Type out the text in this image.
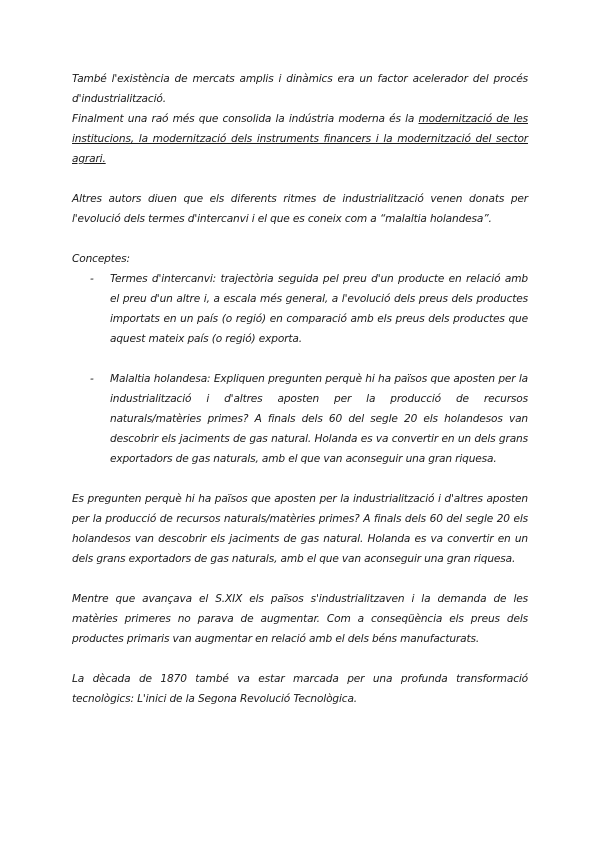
També l'existència de mercats amplis i dinàmics era un factor acelerador del procés d'industrialització.

Finalment una raó més que consolida la indústria moderna és la modernització de les institucions, la modernització dels instruments financers i la modernització del sector agrari.

Altres autors diuen que els diferents ritmes de industrialització venen donats per l'evolució dels termes d'intercanvi i el que es coneix com a “malaltia holandesa”.

Conceptes:

- Termes d'intercanvi: trajectòria seguida pel preu d'un producte en relació amb el preu d'un altre i, a escala més general, a l'evolució dels preus dels productes importats en un país (o regió) en comparació amb els preus dels productes que aquest mateix país (o regió) exporta.
- Malaltia holandesa: Expliquen pregunten perquè hi ha països que aposten per la industrialització i d'altres aposten per la producció de recursos naturals/matèries primes? A finals dels 60 del segle 20 els holandesos van descobrir els jaciments de gas natural. Holanda es va convertir en un dels grans exportadors de gas naturals, amb el que van aconseguir una gran riquesa.

Es pregunten perquè hi ha països que aposten per la industrialització i d'altres aposten per la producció de recursos naturals/matèries primes? A finals dels 60 del segle 20 els holandesos van descobrir els jaciments de gas natural. Holanda es va convertir en un dels grans exportadors de gas naturals, amb el que van aconseguir una gran riquesa.

Mentre que avançava el S.XIX els països s'industrialitzaven i la demanda de les matèries primeres no parava de augmentar. Com a conseqüència els preus dels productes primaris van augmentar en relació amb el dels béns manufacturats.

La dècada de 1870 també va estar marcada per una profunda transformació tecnològics: L'inici de la Segona Revolució Tecnològica.
